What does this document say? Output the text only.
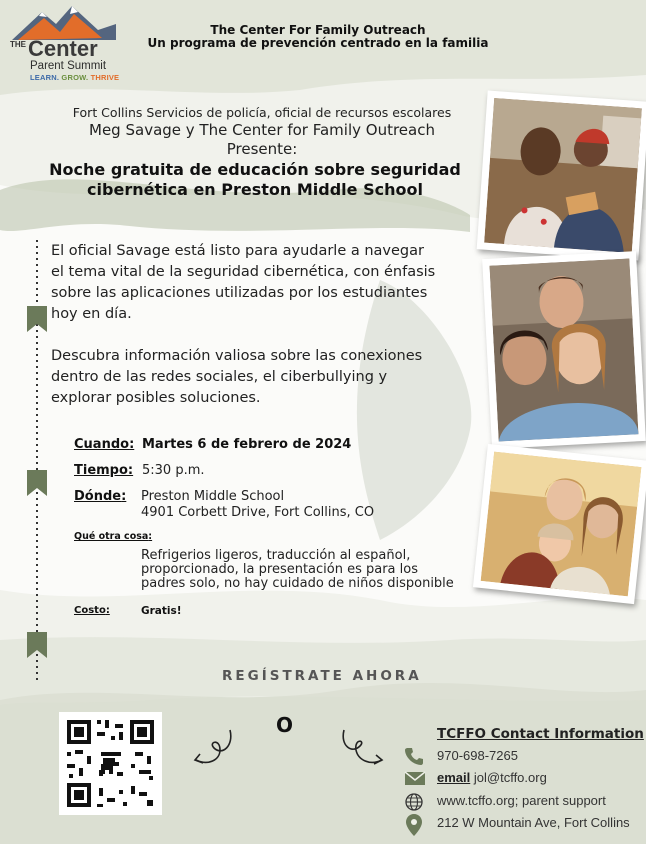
THE Center
Parent Summit
LEARN. GROW. THRIVE
The Center For Family Outreach
Un programa de prevención centrado en la familia
Fort Collins Servicios de policía, oficial de recursos escolares
Meg Savage y The Center for Family Outreach
Presente:
Noche gratuita de educación sobre seguridad
cibernética en Preston Middle School
El oficial Savage está listo para ayudarle a navegar
el tema vital de la seguridad cibernética, con énfasis
sobre las aplicaciones utilizadas por los estudiantes
hoy en día.
Descubra información valiosa sobre las conexiones
dentro de las redes sociales, el ciberbullying y
explorar posibles soluciones.
Cuando: Martes 6 de febrero de 2024
Tiempo: 5:30 p.m.
Dónde: Preston Middle School
4901 Corbett Drive, Fort Collins, CO
Qué otra cosa:
Refrigerios ligeros, traducción al español,
proporcionado, la presentación es para los
padres solo, no hay cuidado de niños disponible
Costo:	Gratis!
REGÍSTRATE AHORA
O	TCFFO Contact Information
970-698-7265
email jol@tcffo.org
www.tcffo.org; parent support
212 W Mountain Ave, Fort Collins
